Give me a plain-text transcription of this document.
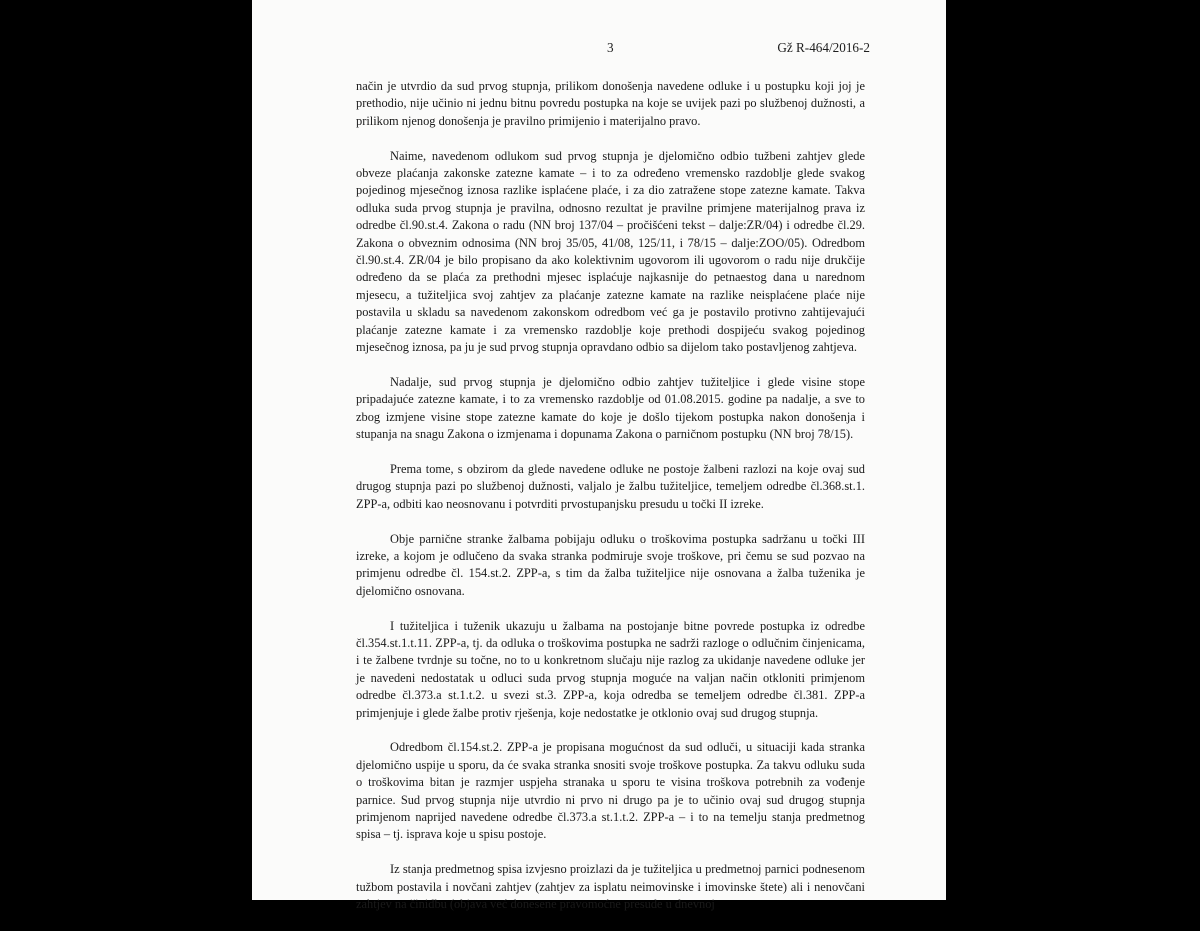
3	Gž R-464/2016-2

način je utvrdio da sud prvog stupnja, prilikom donošenja navedene odluke i u postupku koji joj je prethodio, nije učinio ni jednu bitnu povredu postupka na koje se uvijek pazi po službenoj dužnosti, a prilikom njenog donošenja je pravilno primijenio i materijalno pravo.

Naime, navedenom odlukom sud prvog stupnja je djelomično odbio tužbeni zahtjev glede obveze plaćanja zakonske zatezne kamate – i to za određeno vremensko razdoblje glede svakog pojedinog mjesečnog iznosa razlike isplaćene plaće, i za dio zatražene stope zatezne kamate. Takva odluka suda prvog stupnja je pravilna, odnosno rezultat je pravilne primjene materijalnog prava iz odredbe čl.90.st.4. Zakona o radu (NN broj 137/04 – pročišćeni tekst – dalje:ZR/04) i odredbe čl.29. Zakona o obveznim odnosima (NN broj 35/05, 41/08, 125/11, i 78/15 – dalje:ZOO/05). Odredbom čl.90.st.4. ZR/04 je bilo propisano da ako kolektivnim ugovorom ili ugovorom o radu nije drukčije određeno da se plaća za prethodni mjesec isplaćuje najkasnije do petnaestog dana u narednom mjesecu, a tužiteljica svoj zahtjev za plaćanje zatezne kamate na razlike neisplaćene plaće nije postavila u skladu sa navedenom zakonskom odredbom već ga je postavilo protivno zahtijevajući plaćanje zatezne kamate i za vremensko razdoblje koje prethodi dospijeću svakog pojedinog mjesečnog iznosa, pa ju je sud prvog stupnja opravdano odbio sa dijelom tako postavljenog zahtjeva.

Nadalje, sud prvog stupnja je djelomično odbio zahtjev tužiteljice i glede visine stope pripadajuće zatezne kamate, i to za vremensko razdoblje od 01.08.2015. godine pa nadalje, a sve to zbog izmjene visine stope zatezne kamate do koje je došlo tijekom postupka nakon donošenja i stupanja na snagu Zakona o izmjenama i dopunama Zakona o parničnom postupku (NN broj 78/15).

Prema tome, s obzirom da glede navedene odluke ne postoje žalbeni razlozi na koje ovaj sud drugog stupnja pazi po službenoj dužnosti, valjalo je žalbu tužiteljice, temeljem odredbe čl.368.st.1. ZPP-a, odbiti kao neosnovanu i potvrditi prvostupanjsku presudu u točki II izreke.

Obje parnične stranke žalbama pobijaju odluku o troškovima postupka sadržanu u točki III izreke, a kojom je odlučeno da svaka stranka podmiruje svoje troškove, pri čemu se sud pozvao na primjenu odredbe čl. 154.st.2. ZPP-a, s tim da žalba tužiteljice nije osnovana a žalba tuženika je djelomično osnovana.

I tužiteljica i tuženik ukazuju u žalbama na postojanje bitne povrede postupka iz odredbe čl.354.st.1.t.11. ZPP-a, tj. da odluka o troškovima postupka ne sadrži razloge o odlučnim činjenicama, i te žalbene tvrdnje su točne, no to u konkretnom slučaju nije razlog za ukidanje navedene odluke jer je navedeni nedostatak u odluci suda prvog stupnja moguće na valjan način otkloniti primjenom odredbe čl.373.a st.1.t.2. u svezi st.3. ZPP-a, koja odredba se temeljem odredbe čl.381. ZPP-a primjenjuje i glede žalbe protiv rješenja, koje nedostatke je otklonio ovaj sud drugog stupnja.

Odredbom čl.154.st.2. ZPP-a je propisana mogućnost da sud odluči, u situaciji kada stranka djelomično uspije u sporu, da će svaka stranka snositi svoje troškove postupka. Za takvu odluku suda o troškovima bitan je razmjer uspjeha stranaka u sporu te visina troškova potrebnih za vođenje parnice. Sud prvog stupnja nije utvrdio ni prvo ni drugo pa je to učinio ovaj sud drugog stupnja primjenom naprijed navedene odredbe čl.373.a st.1.t.2. ZPP-a – i to na temelju stanja predmetnog spisa – tj. isprava koje u spisu postoje.

Iz stanja predmetnog spisa izvjesno proizlazi da je tužiteljica u predmetnoj parnici podnesenom tužbom postavila i novčani zahtjev (zahtjev za isplatu neimovinske i imovinske štete) ali i nenovčani zahtjev na činidbu (objava već donesene pravomoćne presude u dnevnoj
